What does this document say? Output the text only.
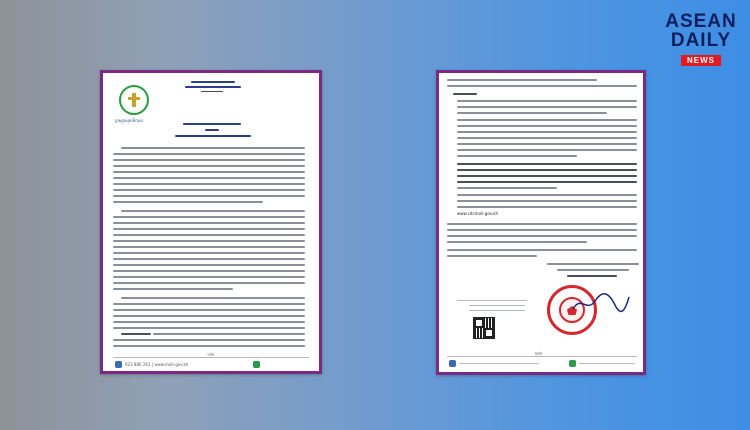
ASEAN
DAILY
NEWS
ក្រសួងសុខាភិបាល
១/២
023 880 261 | www.moh.gov.kh
www.cdcmoh.gov.kh
២/២
